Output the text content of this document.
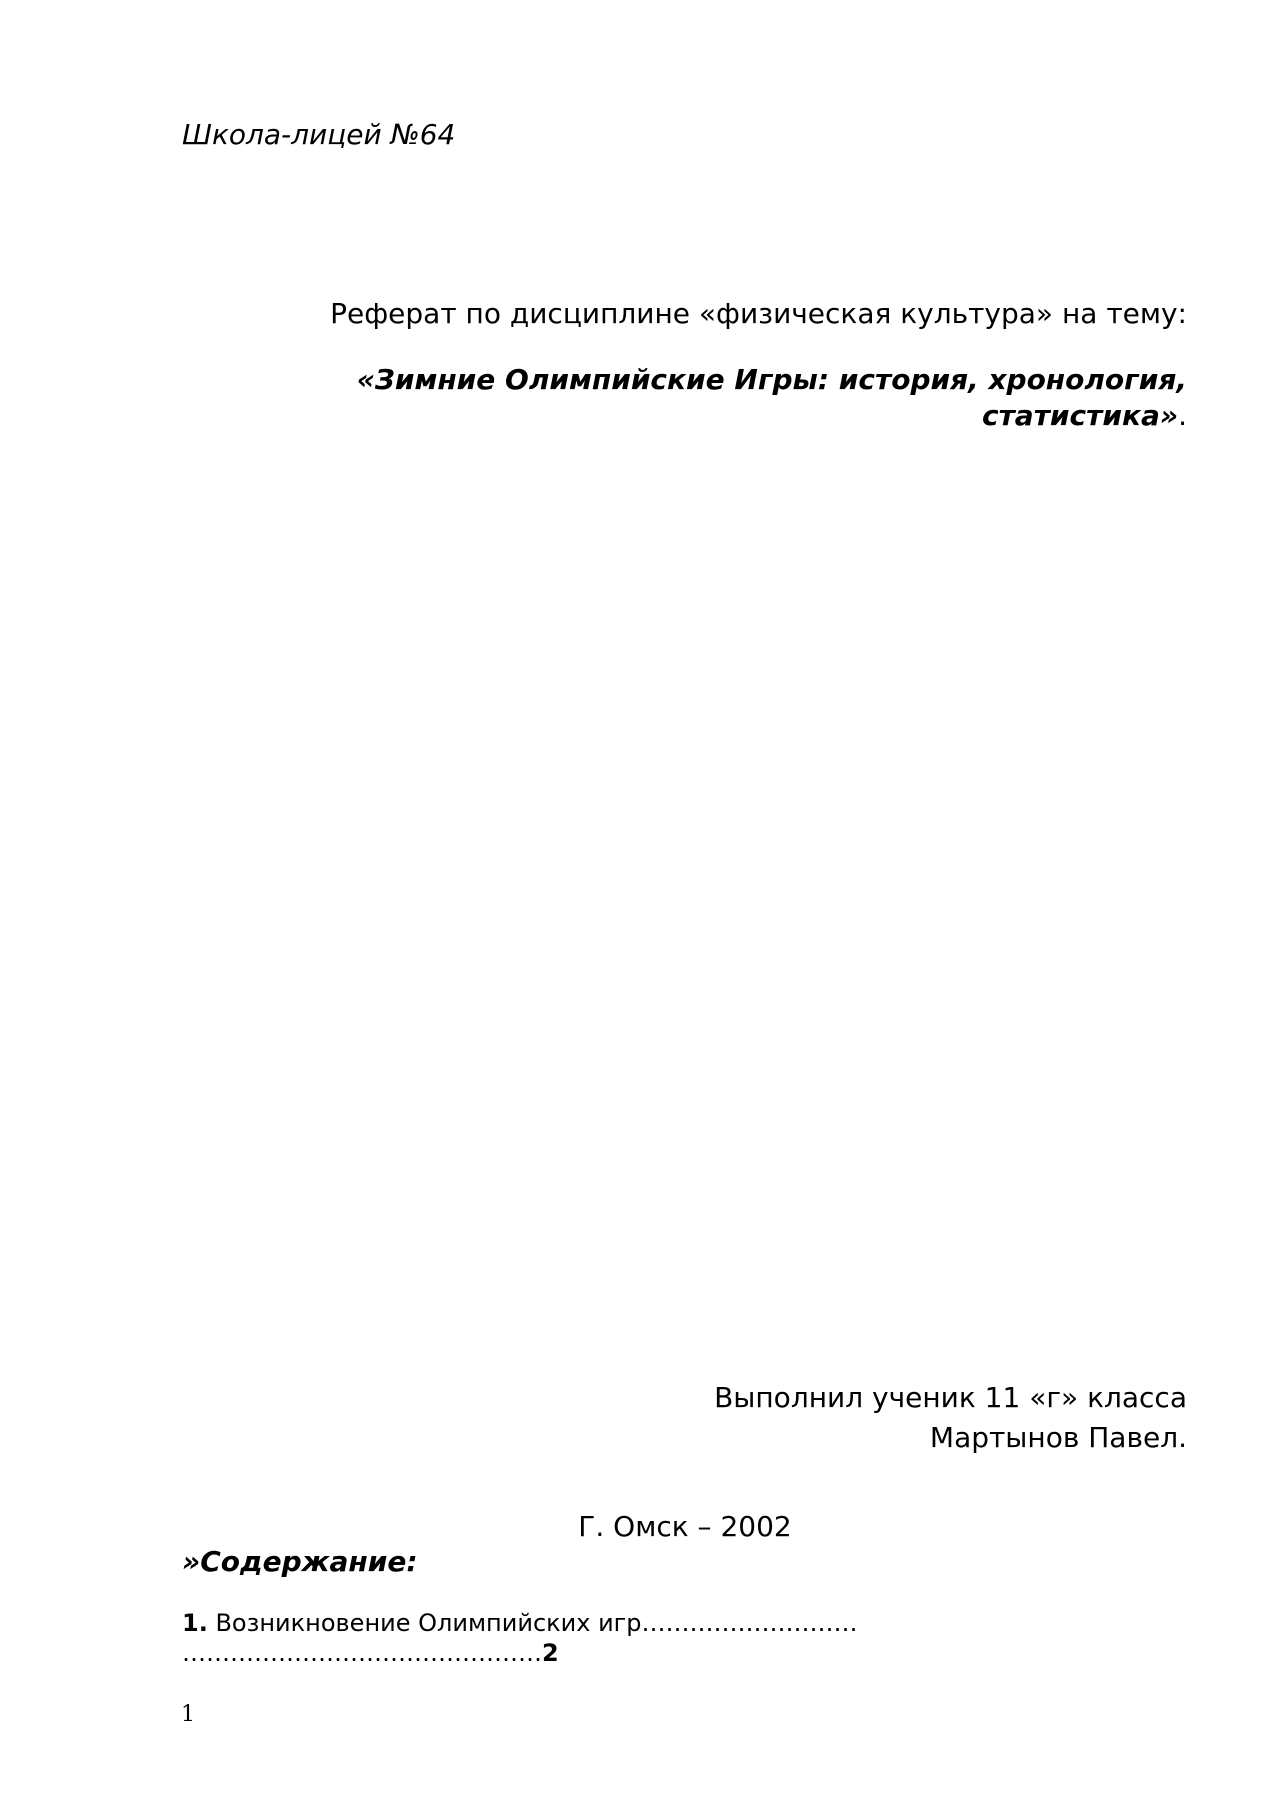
Школа-лицей №64
Реферат по дисциплине «физическая культура» на тему:
«Зимние Олимпийские Игры: история, хронология, статистика».
Выполнил ученик 11 «г» класса
Мартынов Павел.
Г. Омск – 2002
»Содержание:
1. Возникновение Олимпийских игр………………………
………………………………………2
1
